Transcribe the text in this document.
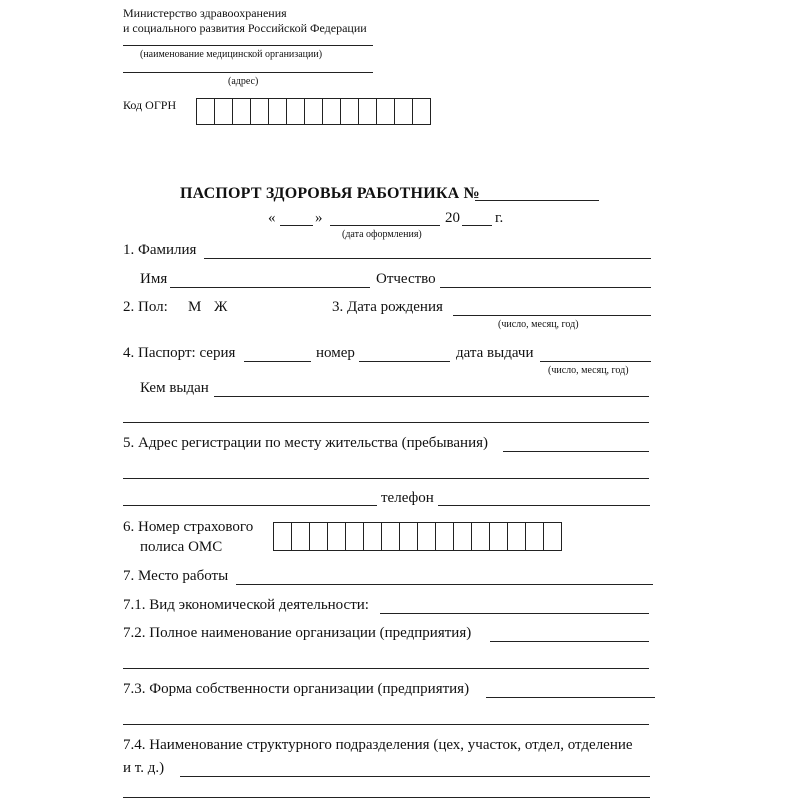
Министерство здравоохранения
и социального развития Российской Федерации
(наименование медицинской организации)
(адрес)
Код ОГРН
ПАСПОРТ ЗДОРОВЬЯ РАБОТНИКА №
«	»	20 г.
(дата оформления)
1. Фамилия
Имя	Отчество
2. Пол: М Ж	3. Дата рождения
(число, месяц, год)
4. Паспорт: серия	номер	дата выдачи
(число, месяц, год)
Кем выдан
5. Адрес регистрации по месту жительства (пребывания)
телефон
6. Номер страхового
полиса ОМС
7. Место работы
7.1. Вид экономической деятельности:
7.2. Полное наименование организации (предприятия)
7.3. Форма собственности организации (предприятия)
7.4. Наименование структурного подразделения (цех, участок, отдел, отделение
и т. д.)
